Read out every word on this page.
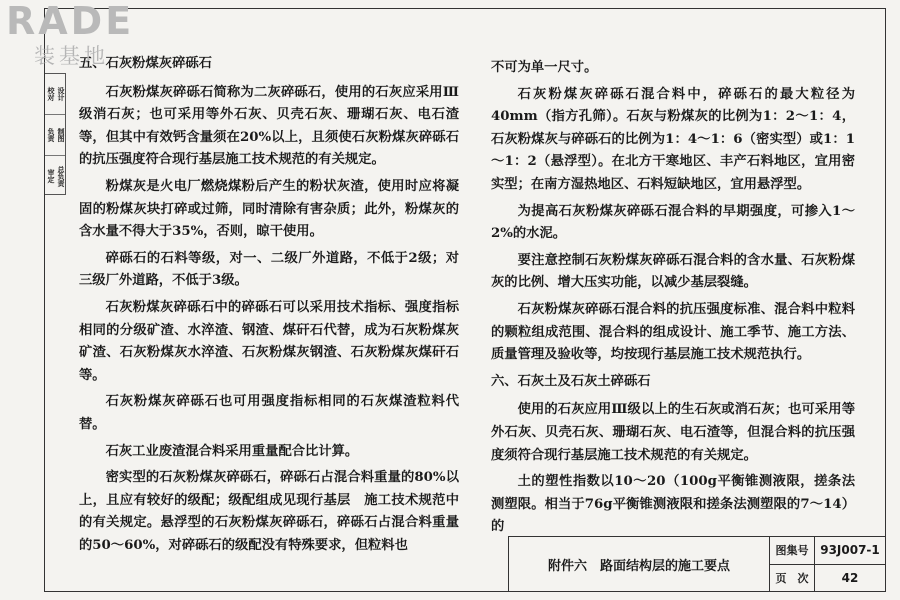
RADE
装基地
校对 设计
负责 制图
审定 总负责
五、石灰粉煤灰碎砾石

石灰粉煤灰碎砾石简称为二灰碎砾石，使用的石灰应采用Ⅲ级消石灰；也可采用等外石灰、贝壳石灰、珊瑚石灰、电石渣等，但其中有效钙含量须在20%以上，且须使石灰粉煤灰碎砾石的抗压强度符合现行基层施工技术规范的有关规定。

粉煤灰是火电厂燃烧煤粉后产生的粉状灰渣，使用时应将凝固的粉煤灰块打碎或过筛，同时清除有害杂质；此外，粉煤灰的含水量不得大于35%，否则，晾干使用。

碎砾石的石料等级，对一、二级厂外道路，不低于2级；对三级厂外道路，不低于3级。

石灰粉煤灰碎砾石中的碎砾石可以采用技术指标、强度指标相同的分级矿渣、水淬渣、钢渣、煤矸石代替，成为石灰粉煤灰矿渣、石灰粉煤灰水淬渣、石灰粉煤灰钢渣、石灰粉煤灰煤矸石等。

石灰粉煤灰碎砾石也可用强度指标相同的石灰煤渣粒料代替。

石灰工业废渣混合料采用重量配合比计算。

密实型的石灰粉煤灰碎砾石，碎砾石占混合料重量的80%以上，且应有较好的级配；级配组成见现行基层　施工技术规范中的有关规定。悬浮型的石灰粉煤灰碎砾石，碎砾石占混合料重量的50～60%，对碎砾石的级配没有特殊要求，但粒料也

不可为单一尺寸。

石灰粉煤灰碎砾石混合料中，碎砾石的最大粒径为40mm（指方孔筛）。石灰与粉煤灰的比例为1：2～1：4，石灰粉煤灰与碎砾石的比例为1：4～1：6（密实型）或1：1～1：2（悬浮型）。在北方干寒地区、丰产石料地区，宜用密实型；在南方湿热地区、石料短缺地区，宜用悬浮型。

为提高石灰粉煤灰碎砾石混合料的早期强度，可掺入1～2%的水泥。

要注意控制石灰粉煤灰碎砾石混合料的含水量、石灰粉煤灰的比例、增大压实功能，以减少基层裂缝。

石灰粉煤灰碎砾石混合料的抗压强度标准、混合料中粒料的颗粒组成范围、混合料的组成设计、施工季节、施工方法、质量管理及验收等，均按现行基层施工技术规范执行。

六、石灰土及石灰土碎砾石

使用的石灰应用Ⅲ级以上的生石灰或消石灰；也可采用等外石灰、贝壳石灰、珊瑚石灰、电石渣等，但混合料的抗压强度须符合现行基层施工技术规范的有关规定。

土的塑性指数以10～20（100g平衡锥测液限，搓条法测塑限。相当于76g平衡锥测液限和搓条法测塑限的7～14）的

附件六　路面结构层的施工要点
图集号 93J007-1
页　次	42
